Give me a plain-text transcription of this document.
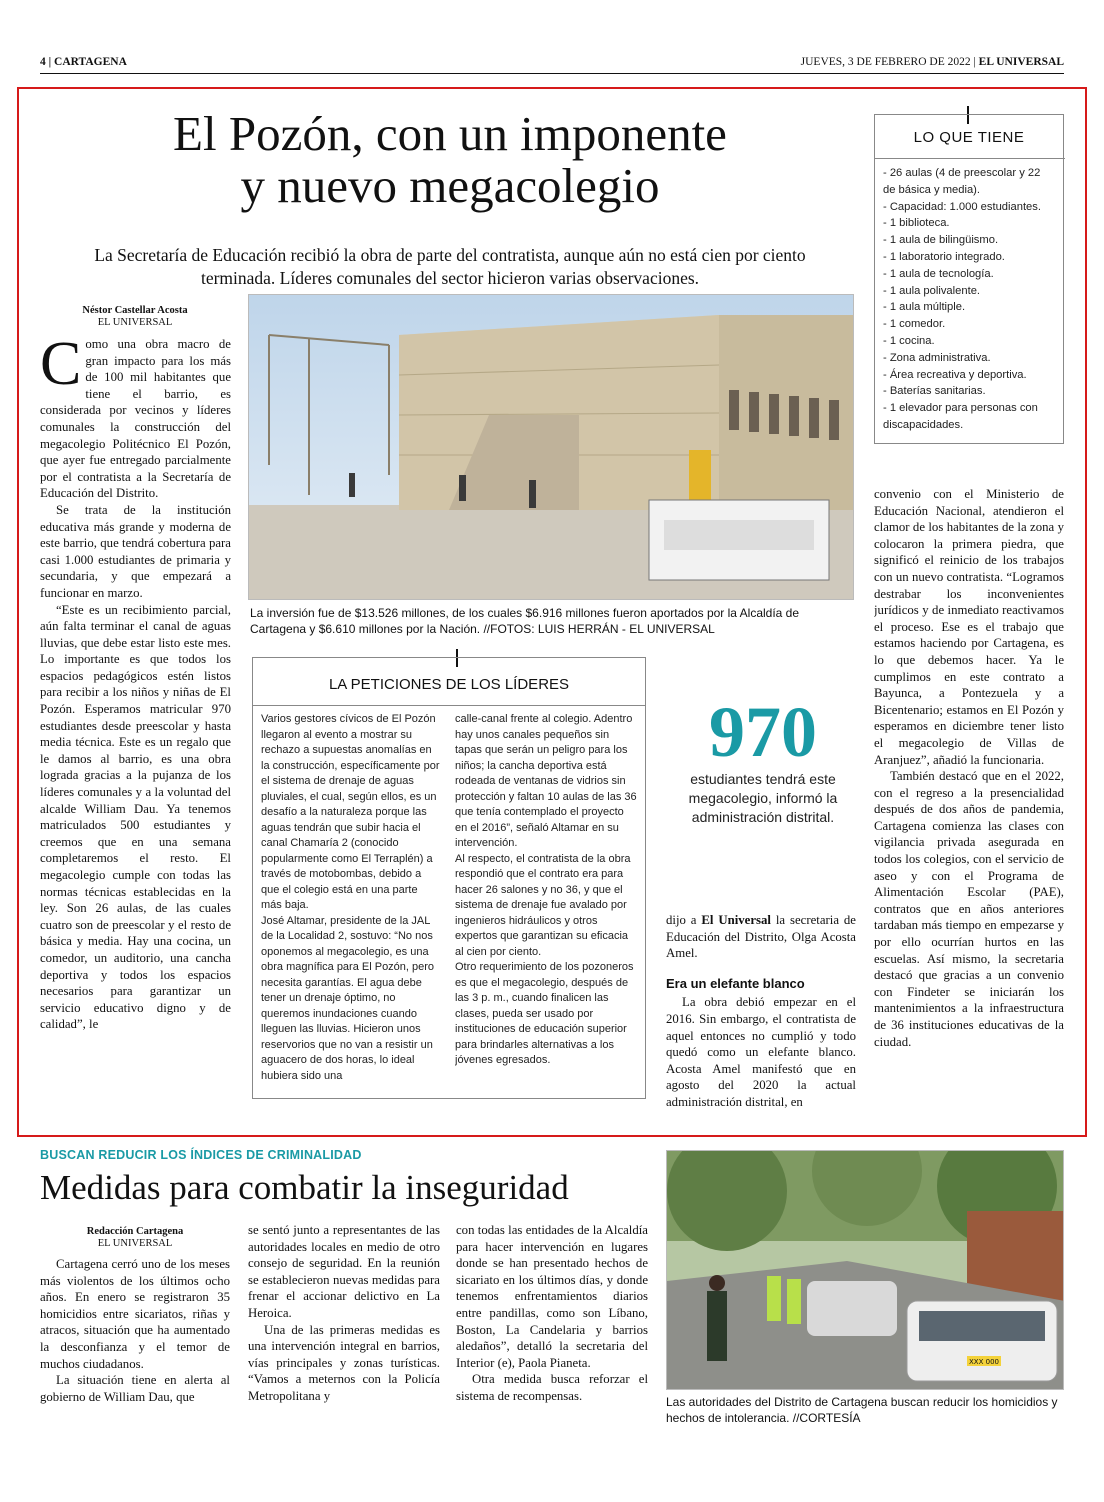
4 | CARTAGENA	JUEVES, 3 DE FEBRERO DE 2022 | EL UNIVERSAL
El Pozón, con un imponente
y nuevo megacolegio
La Secretaría de Educación recibió la obra de parte del contratista, aunque aún no está cien por ciento terminada. Líderes comunales del sector hicieron varias observaciones.
Néstor Castellar Acosta
EL UNIVERSAL

Como una obra macro de gran impacto para los más de 100 mil habitantes que tiene el barrio, es considerada por vecinos y líderes comunales la construcción del megacolegio Politécnico El Pozón, que ayer fue entregado parcialmente por el contratista a la Secretaría de Educación del Distrito.

Se trata de la institución educativa más grande y moderna de este barrio, que tendrá cobertura para casi 1.000 estudiantes de primaria y secundaria, y que empezará a funcionar en marzo.

“Este es un recibimiento parcial, aún falta terminar el canal de aguas lluvias, que debe estar listo este mes. Lo importante es que todos los espacios pedagógicos estén listos para recibir a los niños y niñas de El Pozón. Esperamos matricular 970 estudiantes desde preescolar y hasta media técnica. Este es un regalo que le damos al barrio, es una obra lograda gracias a la pujanza de los líderes comunales y a la voluntad del alcalde William Dau. Ya tenemos matriculados 500 estudiantes y creemos que en una semana completaremos el resto. El megacolegio cumple con todas las normas técnicas establecidas en la ley. Son 26 aulas, de las cuales cuatro son de preescolar y el resto de básica y media. Hay una cocina, un comedor, un auditorio, una cancha deportiva y todos los espacios necesarios para garantizar un servicio educativo digno y de calidad”, le

La inversión fue de $13.526 millones, de los cuales $6.916 millones fueron aportados por la Alcaldía de Cartagena y $6.610 millones por la Nación. //FOTOS: LUIS HERRÁN - EL UNIVERSAL
LO QUE TIENE
- 26 aulas (4 de preescolar y 22 de básica y media).
- Capacidad: 1.000 estudiantes.
- 1 biblioteca.
- 1 aula de bilingüismo.
- 1 laboratorio integrado.
- 1 aula de tecnología.
- 1 aula polivalente.
- 1 aula múltiple.
- 1 comedor.
- 1 cocina.
- Zona administrativa.
- Área recreativa y deportiva.
- Baterías sanitarias.
- 1 elevador para personas con discapacidades.
LA PETICIONES DE LOS LÍDERES
Varios gestores cívicos de El Pozón llegaron al evento a mostrar su rechazo a supuestas anomalías en la construcción, específicamente por el sistema de drenaje de aguas pluviales, el cual, según ellos, es un desafío a la naturaleza porque las aguas tendrán que subir hacia el canal Chamaría 2 (conocido popularmente como El Terraplén) a través de motobombas, debido a que el colegio está en una parte más baja.
José Altamar, presidente de la JAL de la Localidad 2, sostuvo: “No nos oponemos al megacolegio, es una obra magnífica para El Pozón, pero necesita garantías. El agua debe tener un drenaje óptimo, no queremos inundaciones cuando lleguen las lluvias. Hicieron unos reservorios que no van a resistir un aguacero de dos horas, lo ideal hubiera sido una
calle-canal frente al colegio. Adentro hay unos canales pequeños sin tapas que serán un peligro para los niños; la cancha deportiva está rodeada de ventanas de vidrios sin protección y faltan 10 aulas de las 36 que tenía contemplado el proyecto en el 2016”, señaló Altamar en su intervención.
Al respecto, el contratista de la obra respondió que el contrato era para hacer 26 salones y no 36, y que el sistema de drenaje fue avalado por ingenieros hidráulicos y otros expertos que garantizan su eficacia al cien por ciento.
Otro requerimiento de los pozoneros es que el megacolegio, después de las 3 p. m., cuando finalicen las clases, pueda ser usado por instituciones de educación superior para brindarles alternativas a los jóvenes egresados.
970
estudiantes tendrá este megacolegio, informó la administración distrital.

dijo a El Universal la secretaria de Educación del Distrito, Olga Acosta Amel.

Era un elefante blanco

La obra debió empezar en el 2016. Sin embargo, el contratista de aquel entonces no cumplió y todo quedó como un elefante blanco. Acosta Amel manifestó que en agosto del 2020 la actual administración distrital, en

convenio con el Ministerio de Educación Nacional, atendieron el clamor de los habitantes de la zona y colocaron la primera piedra, que significó el reinicio de los trabajos con un nuevo contratista. “Logramos destrabar los inconvenientes jurídicos y de inmediato reactivamos el proceso. Ese es el trabajo que estamos haciendo por Cartagena, es lo que debemos hacer. Ya le cumplimos en este contrato a Bayunca, a Pontezuela y a Bicentenario; estamos en El Pozón y esperamos en diciembre tener listo el megacolegio de Villas de Aranjuez”, añadió la funcionaria.

También destacó que en el 2022, con el regreso a la presencialidad después de dos años de pandemia, Cartagena comienza las clases con vigilancia privada asegurada en todos los colegios, con el servicio de aseo y con el Programa de Alimentación Escolar (PAE), contratos que en años anteriores tardaban más tiempo en empezarse y por ello ocurrían hurtos en las escuelas. Así mismo, la secretaria destacó que gracias a un convenio con Findeter se iniciarán los mantenimientos a la infraestructura de 36 instituciones educativas de la ciudad.

BUSCAN REDUCIR LOS ÍNDICES DE CRIMINALIDAD
Medidas para combatir la inseguridad
Redacción Cartagena
EL UNIVERSAL

Cartagena cerró uno de los meses más violentos de los últimos ocho años. En enero se registraron 35 homicidios entre sicariatos, riñas y atracos, situación que ha aumentado la desconfianza y el temor de muchos ciudadanos.

La situación tiene en alerta al gobierno de William Dau, que

se sentó junto a representantes de las autoridades locales en medio de otro consejo de seguridad. En la reunión se establecieron nuevas medidas para frenar el accionar delictivo en La Heroica.

Una de las primeras medidas es una intervención integral en barrios, vías principales y zonas turísticas. “Vamos a meternos con la Policía Metropolitana y

con todas las entidades de la Alcaldía para hacer intervención en lugares donde se han presentado hechos de sicariato en los últimos días, y donde tenemos enfrentamientos diarios entre pandillas, como son Líbano, Boston, La Candelaria y barrios aledaños”, detalló la secretaria del Interior (e), Paola Pianeta.

Otra medida busca reforzar el sistema de recompensas.

XXX 000
Las autoridades del Distrito de Cartagena buscan reducir los homicidios y hechos de intolerancia. //CORTESÍA
